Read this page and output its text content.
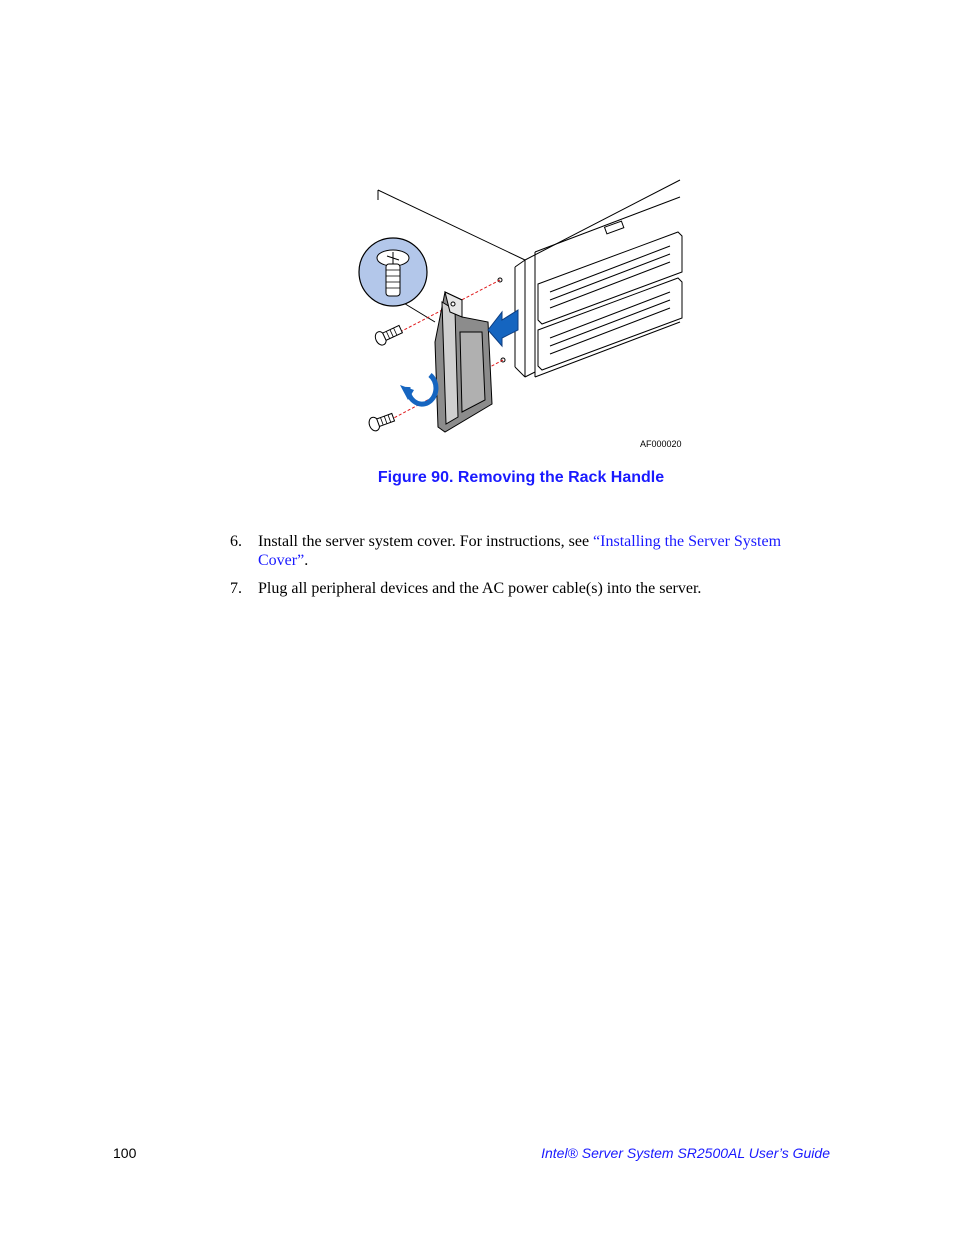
AF000020
Figure 90. Removing the Rack Handle
6. Install the server system cover. For instructions, see “Installing the Server System Cover”.
7. Plug all peripheral devices and the AC power cable(s) into the server.
100	Intel® Server System SR2500AL User’s Guide
